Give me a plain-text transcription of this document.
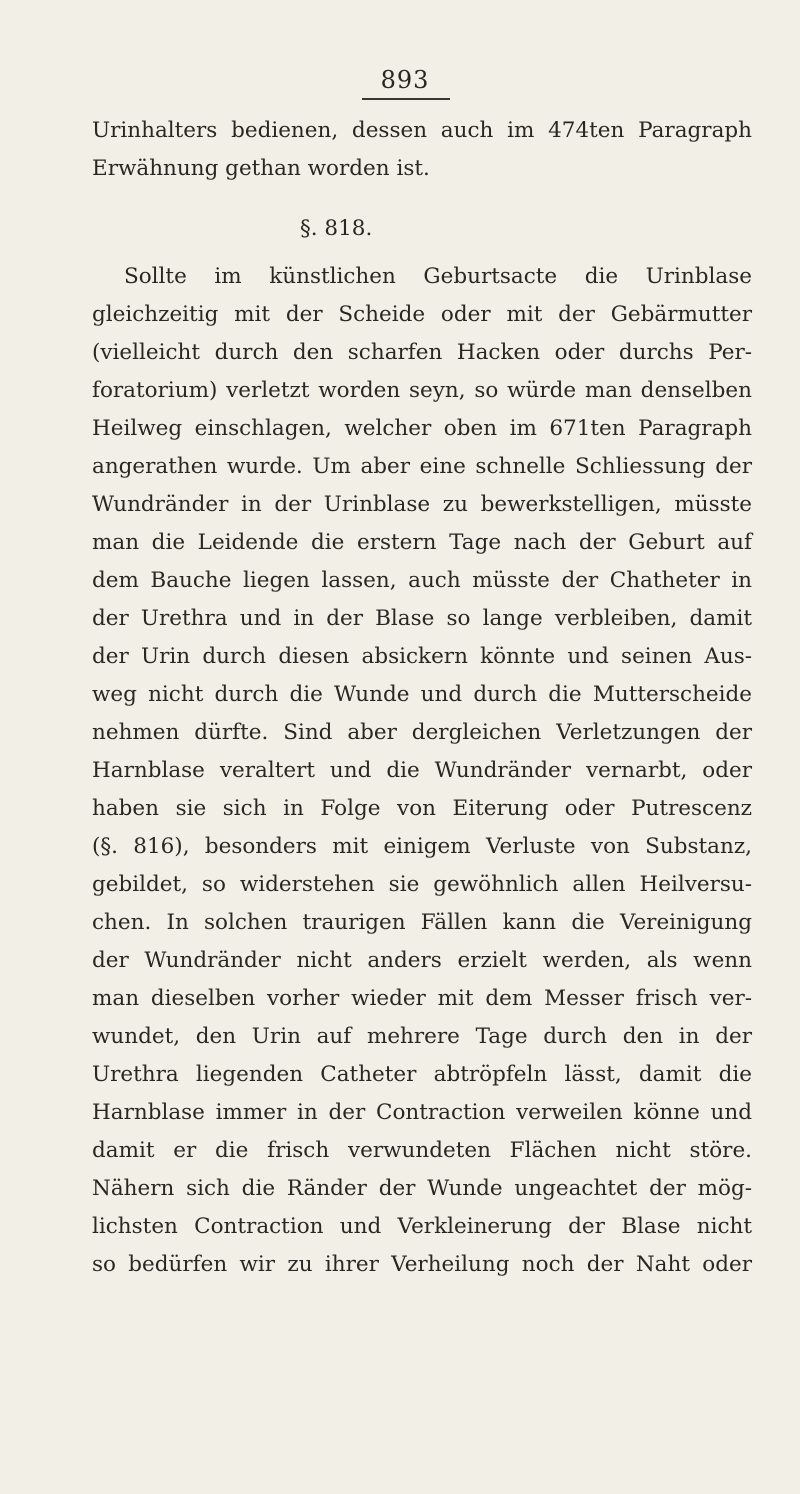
893
Urinhalters bedienen, dessen auch im 474ten Paragraph
Erwähnung gethan worden ist.
§. 818.
Sollte im künstlichen Geburtsacte die Urinblase
gleichzeitig mit der Scheide oder mit der Gebärmutter
(vielleicht durch den scharfen Hacken oder durchs Per-
foratorium) verletzt worden seyn, so würde man denselben
Heilweg einschlagen, welcher oben im 671ten Paragraph
angerathen wurde. Um aber eine schnelle Schliessung der
Wundränder in der Urinblase zu bewerkstelligen, müsste
man die Leidende die erstern Tage nach der Geburt auf
dem Bauche liegen lassen, auch müsste der Chatheter in
der Urethra und in der Blase so lange verbleiben, damit
der Urin durch diesen absickern könnte und seinen Aus-
weg nicht durch die Wunde und durch die Mutterscheide
nehmen dürfte. Sind aber dergleichen Verletzungen der
Harnblase veraltert und die Wundränder vernarbt, oder
haben sie sich in Folge von Eiterung oder Putrescenz
(§. 816), besonders mit einigem Verluste von Substanz,
gebildet, so widerstehen sie gewöhnlich allen Heilversu-
chen. In solchen traurigen Fällen kann die Vereinigung
der Wundränder nicht anders erzielt werden, als wenn
man dieselben vorher wieder mit dem Messer frisch ver-
wundet, den Urin auf mehrere Tage durch den in der
Urethra liegenden Catheter abtröpfeln lässt, damit die
Harnblase immer in der Contraction verweilen könne und
damit er die frisch verwundeten Flächen nicht störe.
Nähern sich die Ränder der Wunde ungeachtet der mög-
lichsten Contraction und Verkleinerung der Blase nicht
so bedürfen wir zu ihrer Verheilung noch der Naht oder
